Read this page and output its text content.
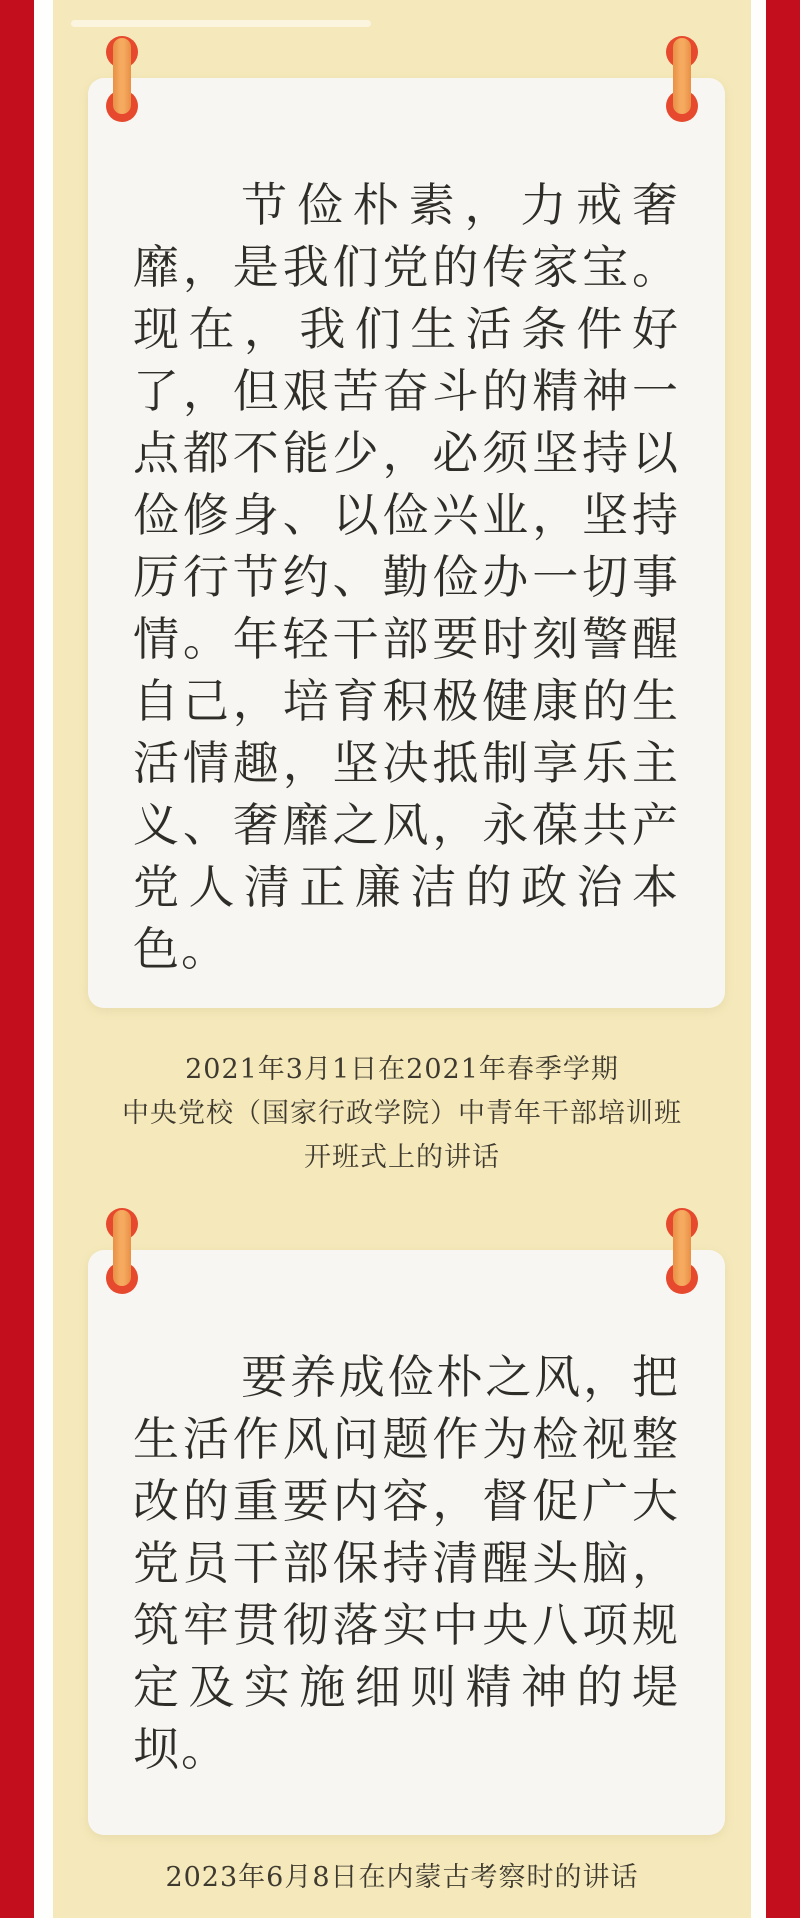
节俭朴素，力戒奢靡，是我们党的传家宝。现在，我们生活条件好了，但艰苦奋斗的精神一点都不能少，必须坚持以俭修身、以俭兴业，坚持厉行节约、勤俭办一切事情。年轻干部要时刻警醒自己，培育积极健康的生活情趣，坚决抵制享乐主义、奢靡之风，永葆共产党人清正廉洁的政治本色。

2021年3月1日在2021年春季学期
中央党校（国家行政学院）中青年干部培训班
开班式上的讲话

要养成俭朴之风，把生活作风问题作为检视整改的重要内容，督促广大党员干部保持清醒头脑，筑牢贯彻落实中央八项规定及实施细则精神的堤坝。

2023年6月8日在内蒙古考察时的讲话
